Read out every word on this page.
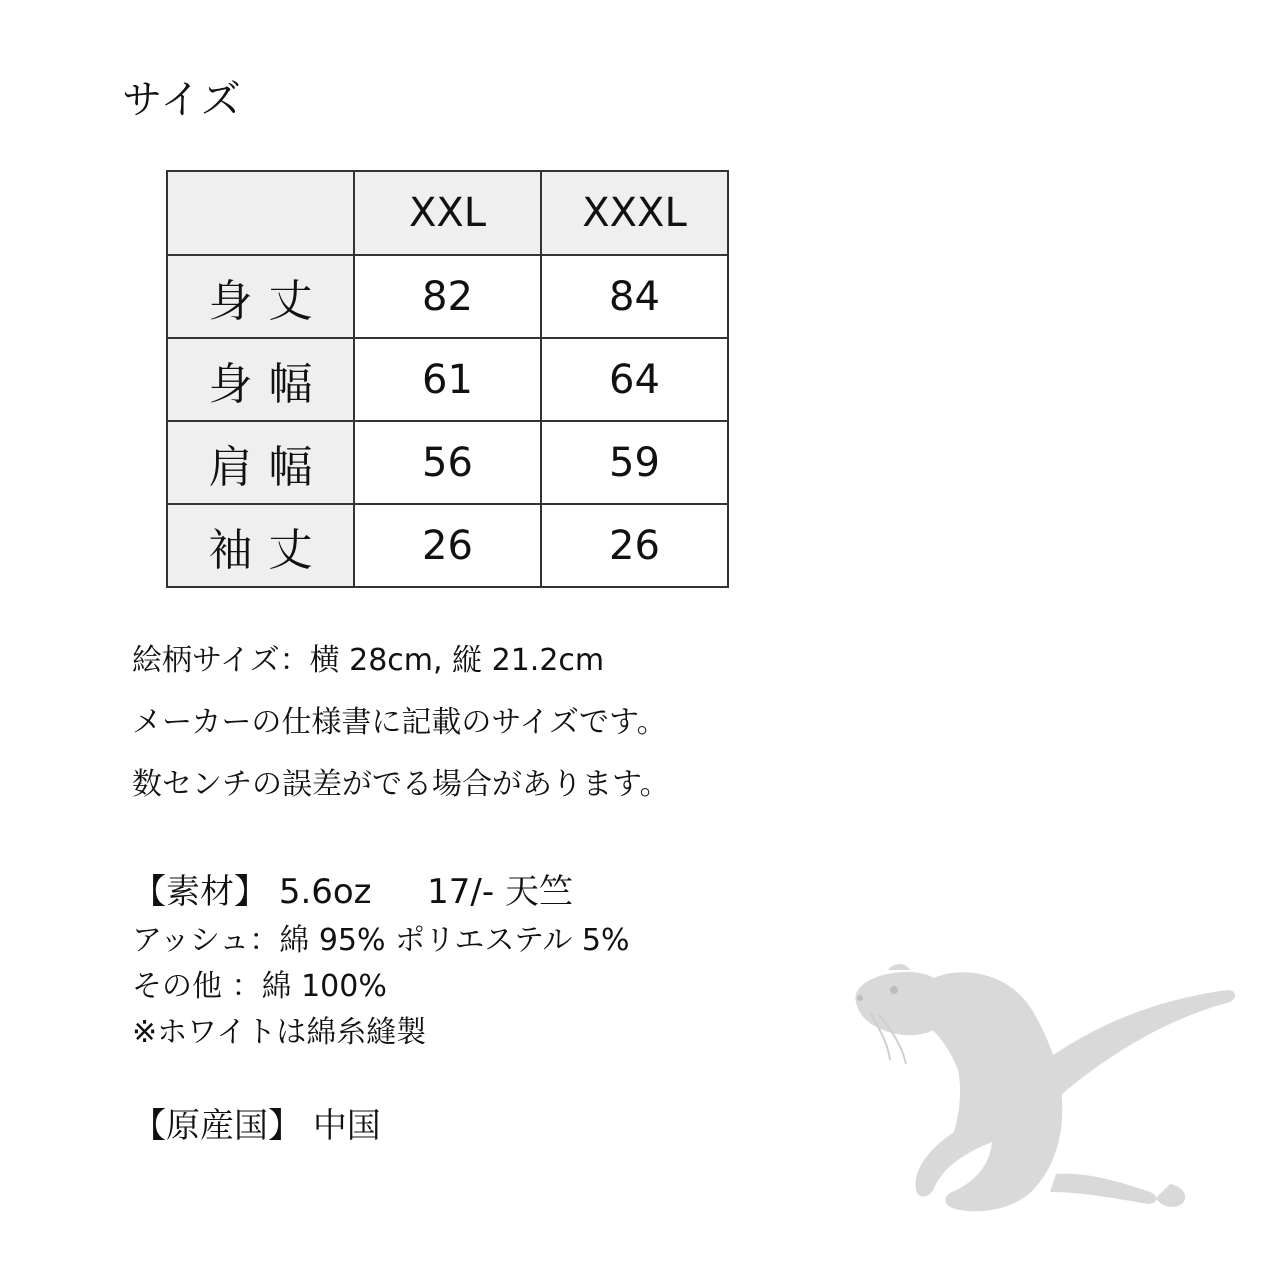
サイズ
	XXL	XXXL
身丈	82	84
身幅	61	64
肩幅	56	59
袖丈	26	26
絵柄サイズ：横 28cm, 縦 21.2cm
メーカーの仕様書に記載のサイズです。
数センチの誤差がでる場合があります。
【素材】 5.6oz 17/- 天竺
アッシュ：綿 95% ポリエステル 5%
その他 ：綿 100%
※ホワイトは綿糸縫製
【原産国】 中国
